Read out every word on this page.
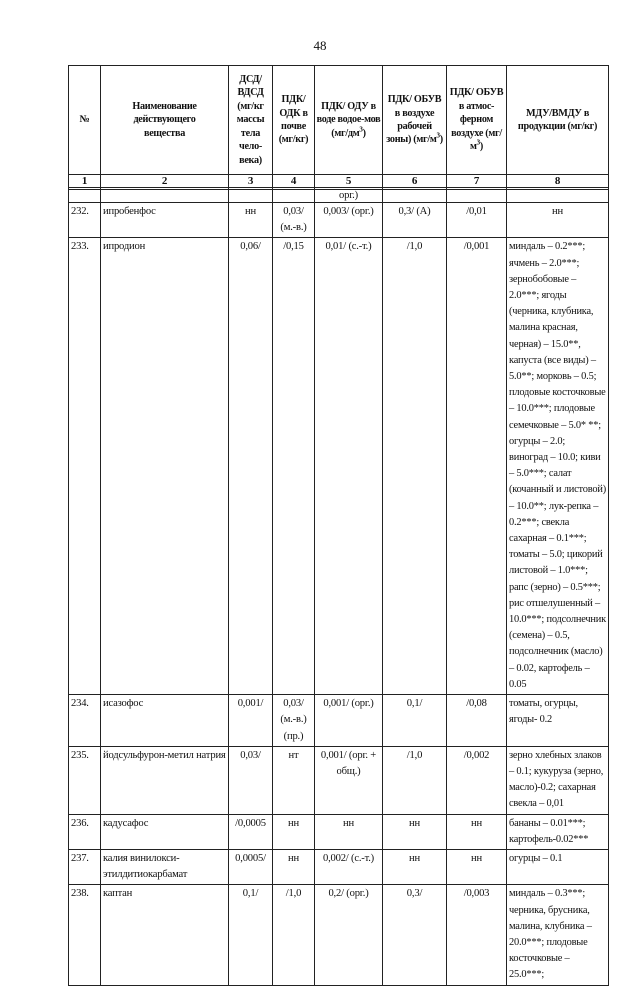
48
№	Наименование действующего вещества	ДСД/ ВДСД (мг/кг массы тела чело-века)	ПДК/ ОДК в почве (мг/кг)	ПДК/ ОДУ в воде водое-мов $(мг/дм^3)$	ПДК/ ОБУВ в воздухе рабочей зоны) $(мг/м^3)$	ПДК/ ОБУВ в атмос-ферном воздухе $(мг/м^3)$	МДУ/ВМДУ в продукции (мг/кг)
1	2	3	4	5	6	7	8

				орг.)			
232.	ипробенфос	нн	0,03/ (м.-в.)	0,003/ (орг.)	0,3/ (А)	/0,01	нн
233.	ипродион	0,06/	/0,15	0,01/ (с.-т.)	/1,0	/0,001	миндаль – 0.2***; ячмень – 2.0***; зернобобовые – 2.0***; ягоды (черника, клубника, малина красная, черная) – 15.0**, капуста (все виды) – 5.0**; морковь – 0.5; плодовые косточковые – 10.0***; плодовые семечковые – 5.0* **; огурцы – 2.0; виноград – 10.0; киви – 5.0***; салат (кочанный и листовой) – 10.0**; лук-репка – 0.2***; свекла сахарная – 0.1***; томаты – 5.0; цикорий листовой – 1.0***; рапс (зерно) – 0.5***; рис отшелушенный – 10.0***; подсолнечник (семена) – 0.5, подсолнечник (масло) – 0.02, картофель – 0.05
234.	исазофос	0,001/	0,03/ (м.-в.) (пр.)	0,001/ (орг.)	0,1/	/0,08	томаты, огурцы, ягоды- 0.2
235.	йодсульфурон-метил натрия	0,03/	нт	0,001/ (орг. + общ.)	/1,0	/0,002	зерно хлебных злаков – 0.1; кукуруза (зерно, масло)-0.2; сахарная свекла – 0,01
236.	кадусафос	/0,0005	нн	нн	нн	нн	бананы – 0.01***; картофель-0.02***
237.	калия винилокси-этилдитиокарбамат	0,0005/	нн	0,002/ (с.-т.)	нн	нн	огурцы – 0.1
238.	каптан	0,1/	/1,0	0,2/ (орг.)	0,3/	/0,003	миндаль – 0.3***; черника, брусника, малина, клубника – 20.0***; плодовые косточковые – 25.0***;
